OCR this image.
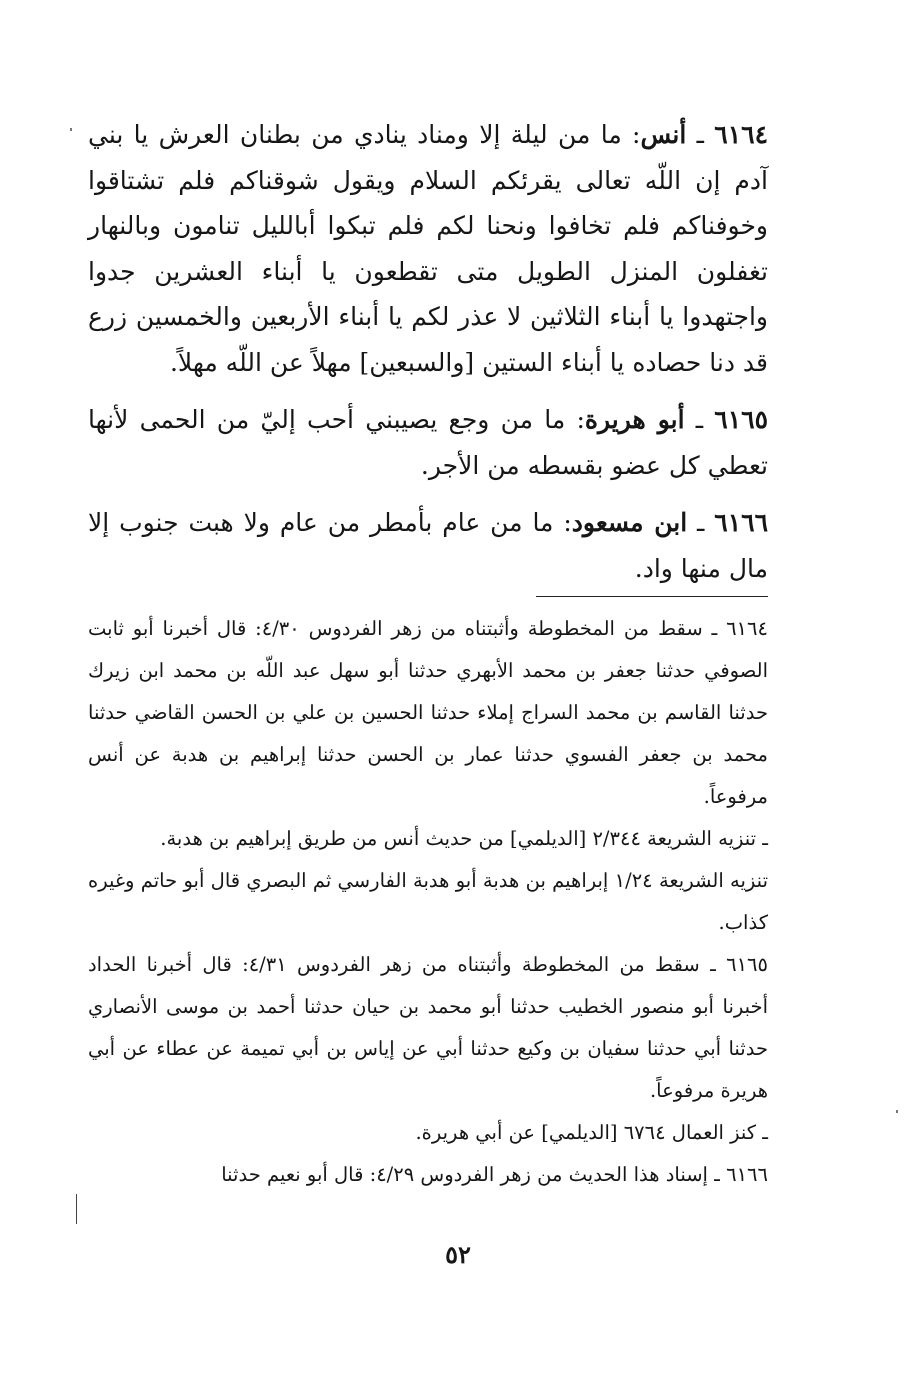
٦١٦٤ ـ أنس: ما من ليلة إلا ومناد ينادي من بطنان العرش يا بني آدم إن اللّه تعالى يقرئكم السلام ويقول شوقناكم فلم تشتاقوا وخوفناكم فلم تخافوا ونحنا لكم فلم تبكوا أبالليل تنامون وبالنهار تغفلون المنزل الطويل متى تقطعون يا أبناء العشرين جدوا واجتهدوا يا أبناء الثلاثين لا عذر لكم يا أبناء الأربعين والخمسين زرع قد دنا حصاده يا أبناء الستين [والسبعين] مهلاً عن اللّه مهلاً.

٦١٦٥ ـ أبو هريرة: ما من وجع يصيبني أحب إليّ من الحمى لأنها تعطي كل عضو بقسطه من الأجر.

٦١٦٦ ـ ابن مسعود: ما من عام بأمطر من عام ولا هبت جنوب إلا مال منها واد.

٦١٦٤ ـ سقط من المخطوطة وأثبتناه من زهر الفردوس ٤/٣٠: قال أخبرنا أبو ثابت الصوفي حدثنا جعفر بن محمد الأبهري حدثنا أبو سهل عبد اللّه بن محمد ابن زيرك حدثنا القاسم بن محمد السراج إملاء حدثنا الحسين بن علي بن الحسن القاضي حدثنا محمد بن جعفر الفسوي حدثنا عمار بن الحسن حدثنا إبراهيم بن هدبة عن أنس مرفوعاً.

ـ تنزيه الشريعة ٢/٣٤٤ [الديلمي] من حديث أنس من طريق إبراهيم بن هدبة.

تنزيه الشريعة ١/٢٤ إبراهيم بن هدبة أبو هدبة الفارسي ثم البصري قال أبو حاتم وغيره كذاب.

٦١٦٥ ـ سقط من المخطوطة وأثبتناه من زهر الفردوس ٤/٣١: قال أخبرنا الحداد أخبرنا أبو منصور الخطيب حدثنا أبو محمد بن حيان حدثنا أحمد بن موسى الأنصاري حدثنا أبي حدثنا سفيان بن وكيع حدثنا أبي عن إياس بن أبي تميمة عن عطاء عن أبي هريرة مرفوعاً.

ـ كنز العمال ٦٧٦٤ [الديلمي] عن أبي هريرة.

٦١٦٦ ـ إسناد هذا الحديث من زهر الفردوس ٤/٢٩: قال أبو نعيم حدثنا

٥٢
